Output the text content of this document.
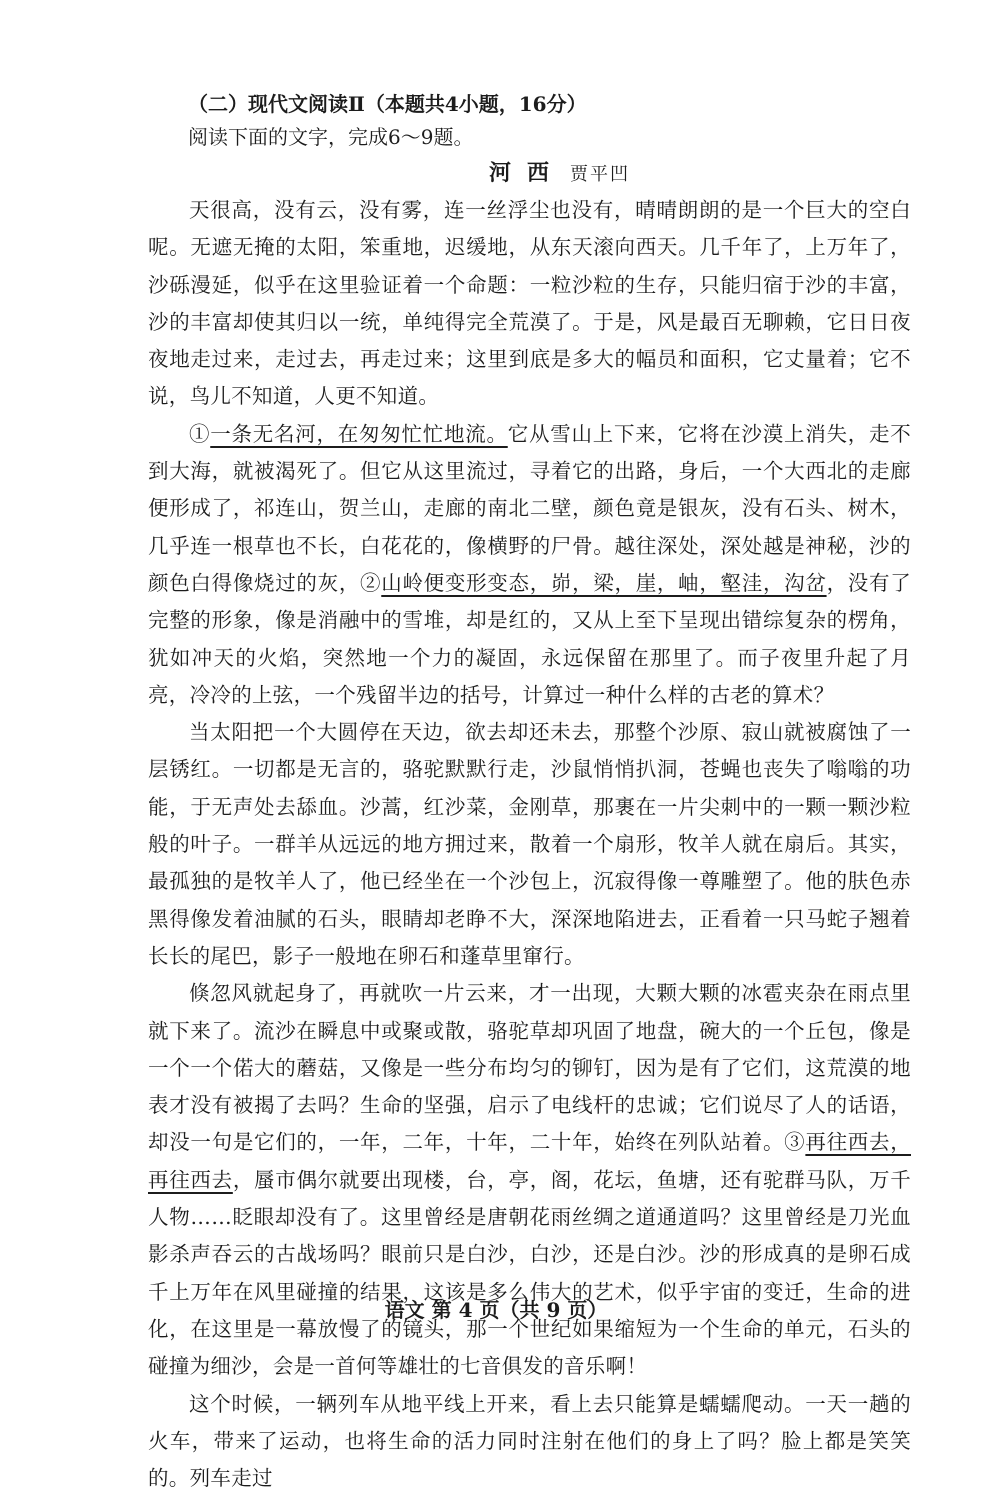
（二）现代文阅读Ⅱ（本题共4小题，16分）
阅读下面的文字，完成6～9题。
河西 贾平凹

天很高，没有云，没有雾，连一丝浮尘也没有，晴晴朗朗的是一个巨大的空白呢。无遮无掩的太阳，笨重地，迟缓地，从东天滚向西天。几千年了，上万年了，沙砾漫延，似乎在这里验证着一个命题：一粒沙粒的生存，只能归宿于沙的丰富，沙的丰富却使其归以一统，单纯得完全荒漠了。于是，风是最百无聊赖，它日日夜夜地走过来，走过去，再走过来；这里到底是多大的幅员和面积，它丈量着；它不说，鸟儿不知道，人更不知道。

①一条无名河，在匆匆忙忙地流。它从雪山上下来，它将在沙漠上消失，走不到大海，就被渴死了。但它从这里流过，寻着它的出路，身后，一个大西北的走廊便形成了，祁连山，贺兰山，走廊的南北二壁，颜色竟是银灰，没有石头、树木，几乎连一根草也不长，白花花的，像横野的尸骨。越往深处，深处越是神秘，沙的颜色白得像烧过的灰，②山岭便变形变态，峁，梁，崖，岫，壑洼，沟岔，没有了完整的形象，像是消融中的雪堆，却是红的，又从上至下呈现出错综复杂的楞角，犹如冲天的火焰，突然地一个力的凝固，永远保留在那里了。而子夜里升起了月亮，冷冷的上弦，一个残留半边的括号，计算过一种什么样的古老的算术？

当太阳把一个大圆停在天边，欲去却还未去，那整个沙原、寂山就被腐蚀了一层锈红。一切都是无言的，骆驼默默行走，沙鼠悄悄扒洞，苍蝇也丧失了嗡嗡的功能，于无声处去舔血。沙蒿，红沙菜，金刚草，那裹在一片尖刺中的一颗一颗沙粒般的叶子。一群羊从远远的地方拥过来，散着一个扇形，牧羊人就在扇后。其实，最孤独的是牧羊人了，他已经坐在一个沙包上，沉寂得像一尊雕塑了。他的肤色赤黑得像发着油腻的石头，眼睛却老睁不大，深深地陷进去，正看着一只马蛇子翘着长长的尾巴，影子一般地在卵石和蓬草里窜行。

倏忽风就起身了，再就吹一片云来，才一出现，大颗大颗的冰雹夹杂在雨点里就下来了。流沙在瞬息中或聚或散，骆驼草却巩固了地盘，碗大的一个丘包，像是一个一个偌大的蘑菇，又像是一些分布均匀的铆钉，因为是有了它们，这荒漠的地表才没有被揭了去吗？生命的坚强，启示了电线杆的忠诚；它们说尽了人的话语，却没一句是它们的，一年，二年，十年，二十年，始终在列队站着。③再往西去，再往西去，蜃市偶尔就要出现楼，台，亭，阁，花坛，鱼塘，还有驼群马队，万千人物……眨眼却没有了。这里曾经是唐朝花雨丝绸之道通道吗？这里曾经是刀光血影杀声吞云的古战场吗？眼前只是白沙，白沙，还是白沙。沙的形成真的是卵石成千上万年在风里碰撞的结果，这该是多么伟大的艺术，似乎宇宙的变迁，生命的进化，在这里是一幕放慢了的镜头，那一个世纪如果缩短为一个生命的单元，石头的碰撞为细沙，会是一首何等雄壮的七音俱发的音乐啊！

这个时候，一辆列车从地平线上开来，看上去只能算是蠕蠕爬动。一天一趟的火车，带来了运动，也将生命的活力同时注射在他们的身上了吗？脸上都是笑笑的。列车走过

语文 第 4 页（共 9 页）
